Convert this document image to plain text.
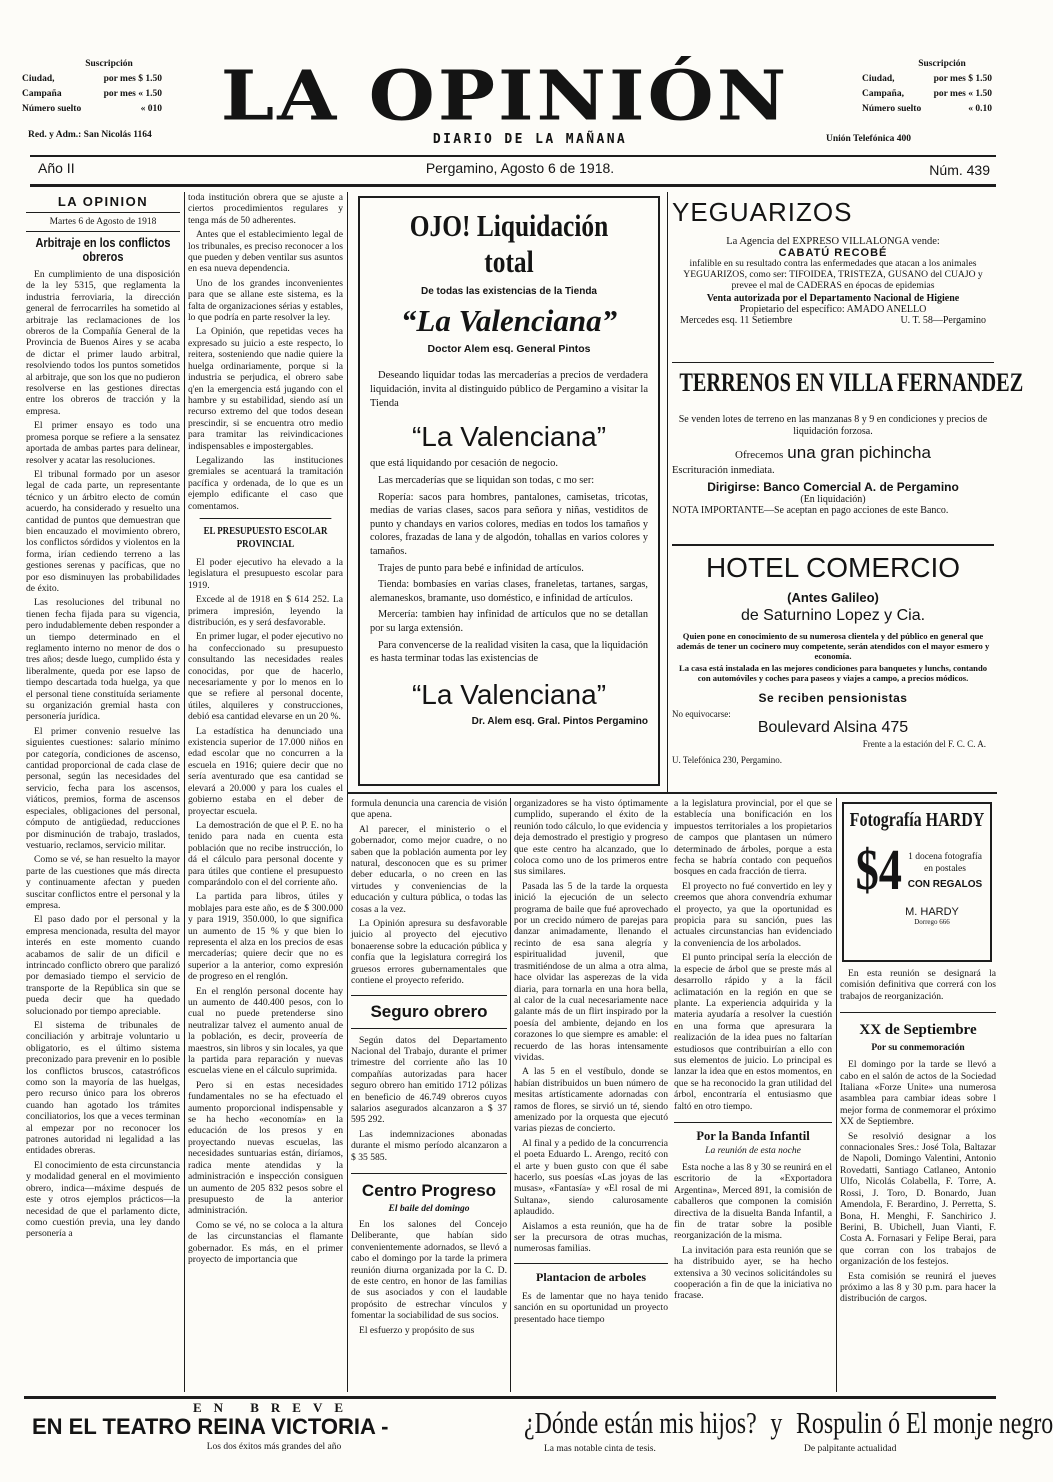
Suscripción
Ciudad,	por mes $ 1.50
Campaña	por mes « 1.50
Número suelto	« 010
Red. y Adm.: San Nicolás 1164 LA OPINIÓN
DIARIO DE LA MAÑANA
Suscripción
Ciudad,	por mes $ 1.50
Campaña,	por mes « 1.50
Número suelto	« 0.10
Unión Telefónica 400
Año II	Pergamino, Agosto 6 de 1918.	Núm. 439
LA OPINION
Martes 6 de Agosto de 1918
Arbitraje en los conflictos obreros

En cumplimiento de una disposición de la ley 5315, que reglamenta la industria ferroviaria, la dirección general de ferrocarriles ha sometido al arbitraje las reclamaciones de los obreros de la Compañía General de la Provincia de Buenos Aires y se acaba de dictar el primer laudo arbitral, resolviendo todos los puntos sometidos al arbitraje, que son los que no pudieron resolverse en las gestiones directas entre los obreros de tracción y la empresa.

El primer ensayo es todo una promesa porque se refiere a la sensatez aportada de ambas partes para delinear, resolver y acatar las resoluciones.

El tribunal formado por un asesor legal de cada parte, un representante técnico y un árbitro electo de común acuerdo, ha considerado y resuelto una cantidad de puntos que demuestran que bien encauzado el movimiento obrero, los conflictos sórdidos y violentos en la forma, irían cediendo terreno a las gestiones serenas y pacíficas, que no por eso disminuyen las probabilidades de éxito.

Las resoluciones del tribunal no tienen fecha fijada para su vigencia, pero indudablemente deben responder a un tiempo determinado en el reglamento interno no menor de dos o tres años; desde luego, cumplido ésta y liberalmente, queda por ese lapso de tiempo descartada toda huelga, ya que el personal tiene constituída seriamente su organización gremial hasta con personería jurídica.

El primer convenio resuelve las siguientes cuestiones: salario mínimo por categoría, condiciones de ascenso, cantidad proporcional de cada clase de personal, según las necesidades del servicio, fecha para los ascensos, viáticos, premios, forma de ascensos especiales, obligaciones del personal, cómputo de antigüedad, reducciones por disminución de trabajo, traslados, vestuario, reclamos, servicio militar.

Como se vé, se han resuelto la mayor parte de las cuestiones que más directa y continuamente afectan y pueden suscitar conflictos entre el personal y la empresa.

El paso dado por el personal y la empresa mencionada, resulta del mayor interés en este momento cuando acabamos de salir de un difícil e intrincado conflicto obrero que paralizó por demasiado tiempo el servicio de transporte de la República sin que se pueda decir que ha quedado solucionado por tiempo apreciable.

El sistema de tribunales de conciliación y arbitraje voluntario u obligatorio, es el último sistema preconizado para prevenir en lo posible los conflictos bruscos, catastróficos como son la mayoría de las huelgas, pero recurso único para los obreros cuando han agotado los trámites conciliatorios, los que a veces terminan al empezar por no reconocer los patrones autoridad ni legalidad a las entidades obreras.

El conocimiento de esta circunstancia y modalidad general en el movimiento obrero, indica—máxime después de este y otros ejemplos prácticos—la necesidad de que el parlamento dicte, como cuestión previa, una ley dando personería a

toda institución obrera que se ajuste a ciertos procedimientos regulares y tenga más de 50 adherentes.

Antes que el establecimiento legal de los tribunales, es preciso reconocer a los que pueden y deben ventilar sus asuntos en esa nueva dependencia.

Uno de los grandes inconvenientes para que se allane este sistema, es la falta de organizaciones sérias y estables, lo que podría en parte resolver la ley.

La Opinión, que repetidas veces ha expresado su juicio a este respecto, lo reitera, sosteniendo que nadie quiere la huelga ordinariamente, porque si la industria se perjudica, el obrero sabe q'en la emergencia está jugando con el hambre y su estabilidad, siendo así un recurso extremo del que todos desean prescindir, si se encuentra otro medio para tramitar las reivindicaciones indispensables e impostergables.

Legalizando las instituciones gremiales se acentuará la tramitación pacífica y ordenada, de lo que es un ejemplo edificante el caso que comentamos.

EL PRESUPUESTO ESCOLAR PROVINCIAL

El poder ejecutivo ha elevado a la legislatura el presupuesto escolar para 1919.

Excede al de 1918 en $ 614 252. La primera impresión, leyendo la distribución, es y será desfavorable.

En primer lugar, el poder ejecutivo no ha confeccionado su presupuesto consultando las necesidades reales conocidas, por que de hacerlo, necesariamente y por lo menos en lo que se refiere al personal docente, útiles, alquileres y construcciones, debió esa cantidad elevarse en un 20 %.

La estadística ha denunciado una existencia superior de 17.000 niños en edad escolar que no concurren a la escuela en 1916; quiere decir que no sería aventurado que esa cantidad se elevará a 20.000 y para los cuales el gobierno estaba en el deber de proyectar escuela.

La demostración de que el P. E. no ha tenido para nada en cuenta esta población que no recibe instrucción, lo dá el cálculo para personal docente y para útiles que contiene el presupuesto comparándolo con el del corriente año.

La partida para libros, útiles y moblajes para este año, es de $ 300.000 y para 1919, 350.000, lo que significa un aumento de 15 % y que bien lo representa el alza en los precios de esas mercaderías; quiere decir que no es superior a la anterior, como expresión de progreso en el renglón.

En el renglón personal docente hay un aumento de 440.400 pesos, con lo cual no puede pretenderse sino neutralizar talvez el aumento anual de la población, es decir, proveería de maestros, sin libros y sin locales, ya que la partida para reparación y nuevas escuelas viene en el cálculo suprimida.

Pero si en estas necesidades fundamentales no se ha efectuado el aumento proporcional indispensable y se ha hecho «economía» en la educación de los presos y en proyectando nuevas escuelas, las necesidades suntuarias están, diríamos, radica mente atendidas y la administración e inspección consiguen un aumento de 205 832 pesos sobre el presupuesto de la anterior administración.

Como se vé, no se coloca a la altura de las circunstancias el flamante gobernador. Es más, en el primer proyecto de importancia que

OJO! Liquidación total
De todas las existencias de la Tienda
“La Valenciana”
Doctor Alem esq. General Pintos

Deseando liquidar todas las mercaderías a precios de verdadera liquidación, invita al distinguido público de Pergamino a visitar la Tienda

“La Valenciana”

que está liquidando por cesación de negocio.

Las mercaderías que se liquidan son todas, c mo ser:

Ropería: sacos para hombres, pantalones, camisetas, tricotas, medias de varias clases, sacos para señora y niñas, vestiditos de punto y chandays en varios colores, medias en todos los tamaños y colores, frazadas de lana y de algodón, tohallas en varios colores y tamaños.

Trajes de punto para bebé e infinidad de artículos.

Tienda: bombasíes en varias clases, franeletas, tartanes, sargas, alemaneskos, bramante, uso doméstico, e infinidad de artículos.

Mercería: tambien hay infinidad de artículos que no se detallan por su larga extensión.

Para convencerse de la realidad visiten la casa, que la liquidación es hasta terminar todas las existencias de

“La Valenciana”
Dr. Alem esq. Gral. Pintos Pergamino
YEGUARIZOS
La Agencia del EXPRESO VILLALONGA vende:
CABATÚ RECOBÉ
infalible en su resultado contra las enfermedades que atacan a los animales YEGUARIZOS, como ser: TIFOIDEA, TRISTEZA, GUSANO del CUAJO y prevee el mal de CADERAS en épocas de epidemias
Venta autorizada por el Departamento Nacional de Higiene
Propietario del específico: AMADO ANELLO
Mercedes esq. 11 Setiembre	U. T. 58—Pergamino
TERRENOS EN VILLA FERNANDEZ
Se venden lotes de terreno en las manzanas 8 y 9 en condiciones y precios de liquidación forzosa.
Ofrecemos una gran pichincha
Escrituración inmediata.
Dirigirse: Banco Comercial A. de Pergamino
(En liquidación)
NOTA IMPORTANTE—Se aceptan en pago acciones de este Banco.
HOTEL COMERCIO
(Antes Galileo)
de Saturnino Lopez y Cia.
Quien pone en conocimiento de su numerosa clientela y del público en general que además de tener un cocinero muy competente, serán atendidos con el mayor esmero y economía.
La casa está instalada en las mejores condiciones para banquetes y lunchs, contando con automóviles y coches para paseos y viajes a campo, a precios módicos.
Se reciben pensionistas
No equivocarse:
Boulevard Alsina 475
Frente a la estación del F. C. C. A.
U. Telefónica 230, Pergamino.

formula denuncia una carencia de visión que apena.

Al parecer, el ministerio o el gobernador, como mejor cuadre, o no saben que la población aumenta por ley natural, desconocen que es su primer deber educarla, o no creen en las virtudes y conveniencias de la educación y cultura pública, o todas las cosas a la vez.

La Opinión apresura su desfavorable juicio al proyecto del ejecutivo bonaerense sobre la educación pública y confía que la legislatura corregirá los gruesos errores gubernamentales que contiene el proyecto referido.

Seguro obrero

Según datos del Departamento Nacional del Trabajo, durante el primer trimestre del corriente año las 10 compañías autorizadas para hacer seguro obrero han emitido 1712 pólizas en beneficio de 46.749 obreros cuyos salarios asegurados alcanzaron a $ 37 595 292.

Las indemnizaciones abonadas durante el mismo período alcanzaron a $ 35 585.

Centro Progreso
El baile del domingo

En los salones del Concejo Deliberante, que habían sido convenientemente adornados, se llevó a cabo el domingo por la tarde la primera reunión diurna organizada por la C. D. de este centro, en honor de las familias de sus asociados y con el laudable propósito de estrechar vínculos y fomentar la sociabilidad de sus socios.

El esfuerzo y propósito de sus

organizadores se ha visto óptimamente cumplido, superando el éxito de la reunión todo cálculo, lo que evidencia y deja demostrado el prestigio y progreso que este centro ha alcanzado, que lo coloca como uno de los primeros entre sus similares.

Pasada las 5 de la tarde la orquesta inició la ejecución de un selecto programa de baile que fué aprovechado por un crecido número de parejas para danzar animadamente, llenando el recinto de esa sana alegría y espiritualidad juvenil, que trasmitiéndose de un alma a otra alma, hace olvidar las asperezas de la vida diaria, para tornarla en una hora bella, al calor de la cual necesariamente nace galante más de un flirt inspirado por la poesía del ambiente, dejando en los corazones lo que siempre es amable: el recuerdo de las horas intensamente vividas.

A las 5 en el vestíbulo, donde se habían distribuidos un buen número de mesitas artísticamente adornadas con ramos de flores, se sirvió un té, siendo amenizado por la orquesta que ejecutó varias piezas de concierto.

Al final y a pedido de la concurrencia el poeta Eduardo L. Arengo, recitó con el arte y buen gusto con que él sabe hacerlo, sus poesías «Las joyas de las musas», «Fantasía» y «El rosal de mi Sultana», siendo calurosamente aplaudido.

Aislamos a esta reunión, que ha de ser la precursora de otras muchas, numerosas familias.

Plantacion de arboles

Es de lamentar que no haya tenido sanción en su oportunidad un proyecto presentado hace tiempo

a la legislatura provincial, por el que se establecía una bonificación en los impuestos territoriales a los propietarios de campos que plantasen un número determinado de árboles, porque a esta fecha se habría contado con pequeños bosques en cada fracción de tierra.

El proyecto no fué convertido en ley y creemos que ahora convendría exhumar el proyecto, ya que la oportunidad es propicia para su sanción, pues las actuales circunstancias han evidenciado la conveniencia de los arbolados.

El punto principal sería la elección de la especie de árbol que se preste más al desarrollo rápido y a la fácil aclimatación en la región en que se plante. La experiencia adquirida y la materia ayudaría a resolver la cuestión en una forma que apresurara la realización de la idea pues no faltarían estudiosos que contribuirían a ello con sus elementos de juicio. Lo principal es lanzar la idea que en estos momentos, en que se ha reconocido la gran utilidad del árbol, encontraría el entusiasmo que faltó en otro tiempo.

Por la Banda Infantil
La reunión de esta noche

Esta noche a las 8 y 30 se reunirá en el escritorio de la «Exportadora Argentina», Merced 891, la comisión de caballeros que componen la comisión directiva de la disuelta Banda Infantil, a fin de tratar sobre la posible reorganización de la misma.

La invitación para esta reunión que se ha distribuido ayer, se ha hecho extensiva a 30 vecinos solicitándoles su cooperación a fin de que la iniciativa no fracase.

Fotografía HARDY
$4 1 docena fotografía en postales
CON REGALOS
M. HARDY
Dorrego 666

En esta reunión se designará la comisión definitiva que correrá con los trabajos de reorganización.

XX de Septiembre
Por su conmemoración

El domingo por la tarde se llevó a cabo en el salón de actos de la Sociedad Italiana «Forze Unite» una numerosa asamblea para cambiar ideas sobre l mejor forma de conmemorar el próximo XX de Septiembre.

Se resolvió designar a los connacionales Sres.: José Tola, Baltazar de Napoli, Domingo Valentini, Antonio Rovedatti, Santiago Catlaneo, Antonio Ulfo, Nicolás Colabella, F. Torre, A. Rossi, J. Toro, D. Bonardo, Juan Amendola, F. Berardino, J. Perretta, S. Bona, H. Menghi, F. Sanchirico J. Berini, B. Ubichell, Juan Vianti, F. Costa A. Fornasari y Felipe Berai, para que corran con los trabajos de organización de los festejos.

Esta comisión se reunirá el jueves próximo a las 8 y 30 p.m. para hacer la distribución de cargos.

EN BREVE
EN EL TEATRO REINA VICTORIA -
Los dos éxitos más grandes del año
¿Dónde están mis hijos? y Rospulin ó El monje negro
La mas notable cinta de tesis.	De palpitante actualidad
